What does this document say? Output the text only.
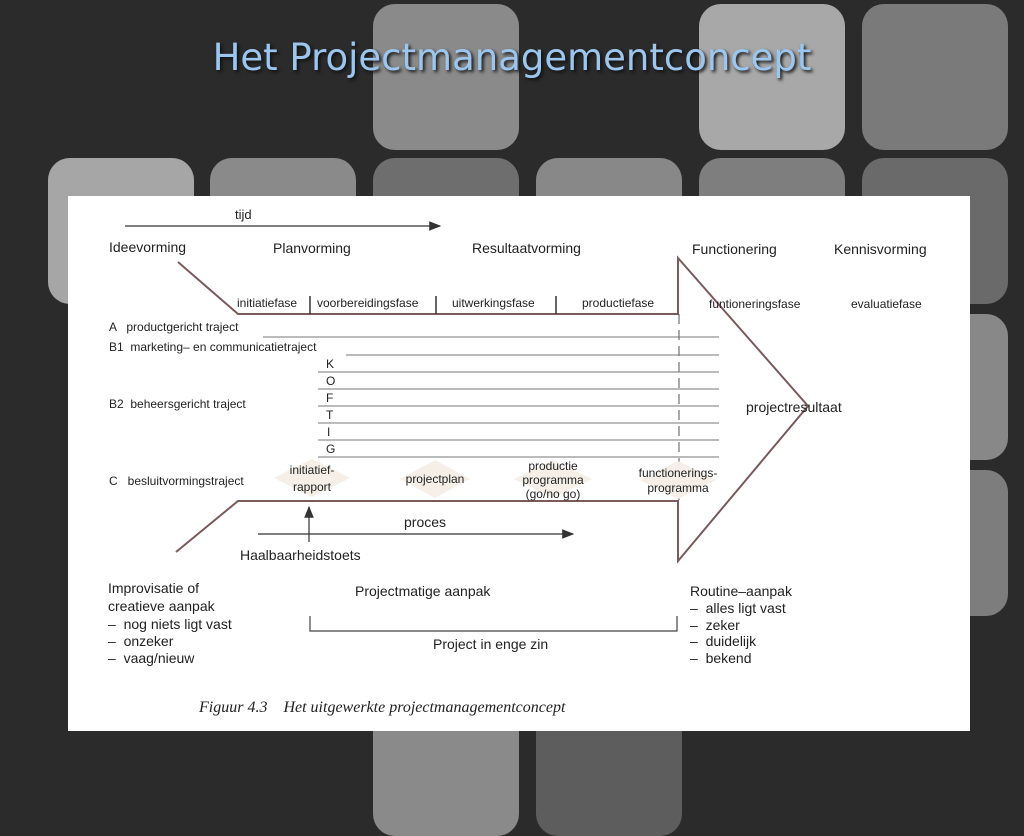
Het Projectmanagementconcept
tijd
Ideevorming	Planvorming	Resultaatvorming	Functionering	Kennisvorming
initiatiefase voorbereidingsfase	uitwerkingsfase	productiefase	funtioneringsfase	evaluatiefase
A   productgericht traject
B1  marketing– en communicatietraject
B2  beheersgericht traject
C   besluitvormingstraject
K
O
F
T
I
G
projectresultaat
initiatief-
rapport
projectplan
productie
programma
(go/no go)
functionerings-
programma
proces
Haalbaarheidstoets
Improvisatie of
creatieve aanpak
–  nog niets ligt vast
–  onzeker
–  vaag/nieuw
Projectmatige aanpak
Project in enge zin
Routine–aanpak
–  alles ligt vast
–  zeker
–  duidelijk
–  bekend
Figuur 4.3    Het uitgewerkte projectmanagementconcept
